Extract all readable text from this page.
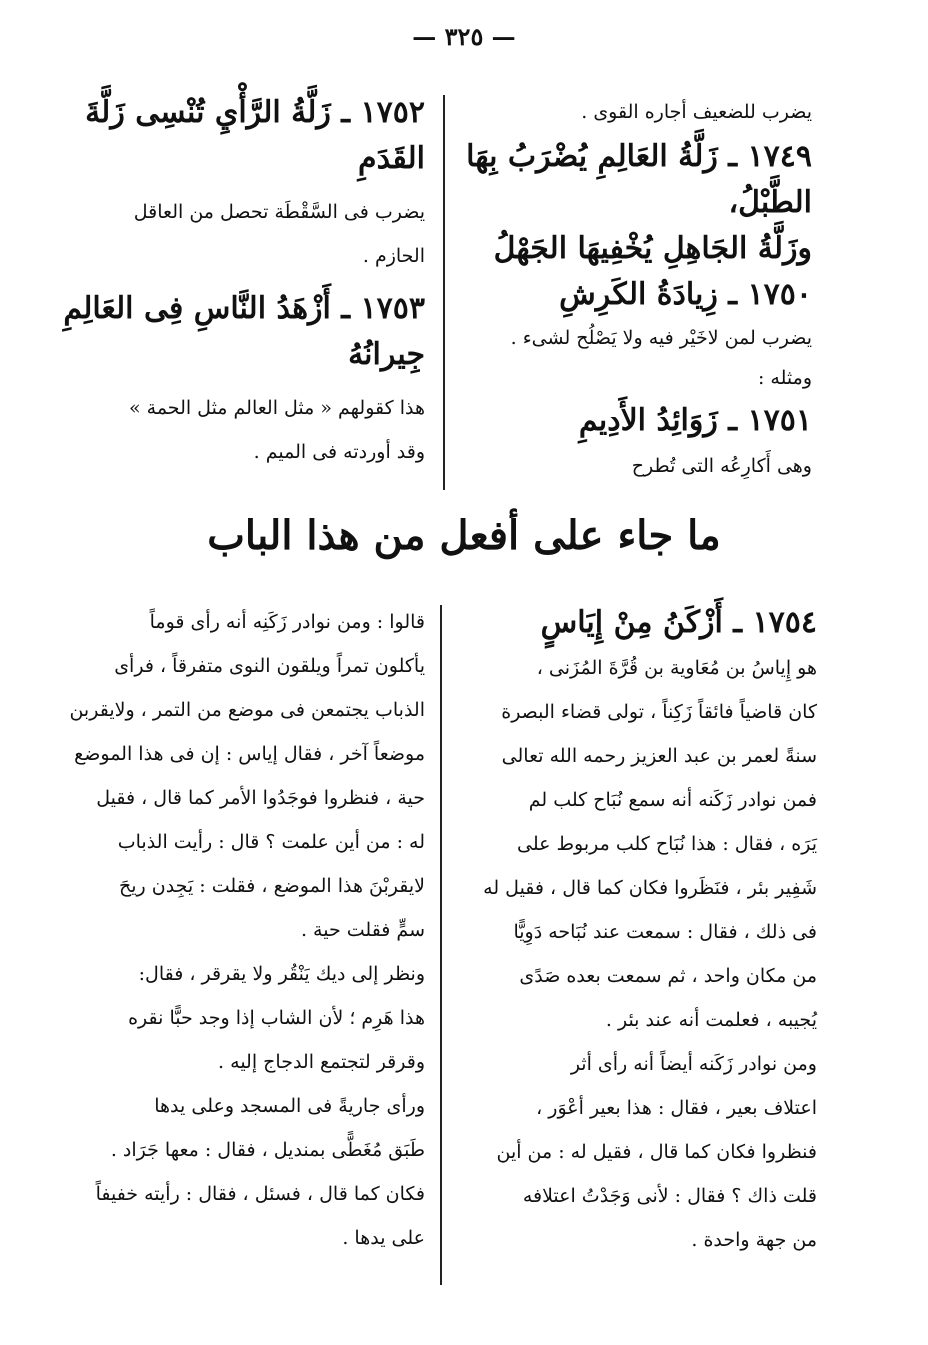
— ٣٢٥ —

يضرب للضعيف أجاره القوى .

١٧٤٩ ـ زَلَّةُ العَالِمِ يُضْرَبُ بِهَا الطَّبْلُ،

وزَلَّةُ الجَاهِلِ يُخْفِيهَا الجَهْلُ

١٧٥٠ ـ زِيادَةُ الكَرِشِ

يضرب لمن لاخَيْر فيه ولا يَصْلُح لشىء .

ومثله :

١٧٥١ ـ زَوَائِدُ الأَدِيمِ

وهى أَكارِعُه التى تُطرح

١٧٥٢ ـ زَلَّةُ الرَّأْيِ تُنْسِى زَلَّةَ القَدَمِ

يضرب فى السَّقْطَة تحصل من العاقل

الحازم .

١٧٥٣ ـ أَزْهَدُ النَّاسِ فِى العَالِمِ

جِيرانُهُ

هذا كقولهم « مثل العالم مثل الحمة »

وقد أوردته فى الميم .

ما جاء على أفعل من هذا الباب

١٧٥٤ ـ أَزْكَنُ مِنْ إِيَاسٍ

هو إِياسُ بن مُعَاوية بن قُرَّةَ المُزَنى ،

كان قاضياً فائقاً زَكِناً ، تولى قضاء البصرة

سنةً لعمر بن عبد العزيز رحمه الله تعالى

فمن نوادر زَكَنه أنه سمع نُبَاح كلب لم

يَرَه ، فقال : هذا نُبَاح كلب مربوط على

شَفِير بئر ، فنَظَروا فكان كما قال ، فقيل له

فى ذلك ، فقال : سمعت عند نُبَاحه دَوِيًّا

من مكان واحد ، ثم سمعت بعده صَدًى

يُجيبه ، فعلمت أنه عند بئر .

ومن نوادر زَكَنه أيضاً أنه رأى أثر

اعتلاف بعير ، فقال : هذا بعير أعْوَر ،

فنظروا فكان كما قال ، فقيل له : من أين

قلت ذاك ؟ فقال : لأنى وَجَدْتُ اعتلافه

من جهة واحدة .

قالوا : ومن نوادر زَكَنِه أنه رأى قوماً

يأكلون تمراً ويلقون النوى متفرقاً ، فرأى

الذباب يجتمعن فى موضع من التمر ، ولايقربن

موضعاً آخر ، فقال إياس : إن فى هذا الموضع

حية ، فنظروا فوجَدُوا الأمر كما قال ، فقيل

له : من أين علمت ؟ قال : رأيت الذباب

لايقربْنَ هذا الموضع ، فقلت : يَجِدن ريحَ

سمٍّ فقلت حية .

ونظر إلى ديك يَنْقُر ولا يقرقر ، فقال:

هذا هَرِم ؛ لأن الشاب إذا وجد حبًّا نقره

وقرقر لتجتمع الدجاج إليه .

ورأى جاريةً فى المسجد وعلى يدها

طَبَق مُغَطًّى بمنديل ، فقال : معها جَرَاد .

فكان كما قال ، فسئل ، فقال : رأيته خفيفاً

على يدها .
